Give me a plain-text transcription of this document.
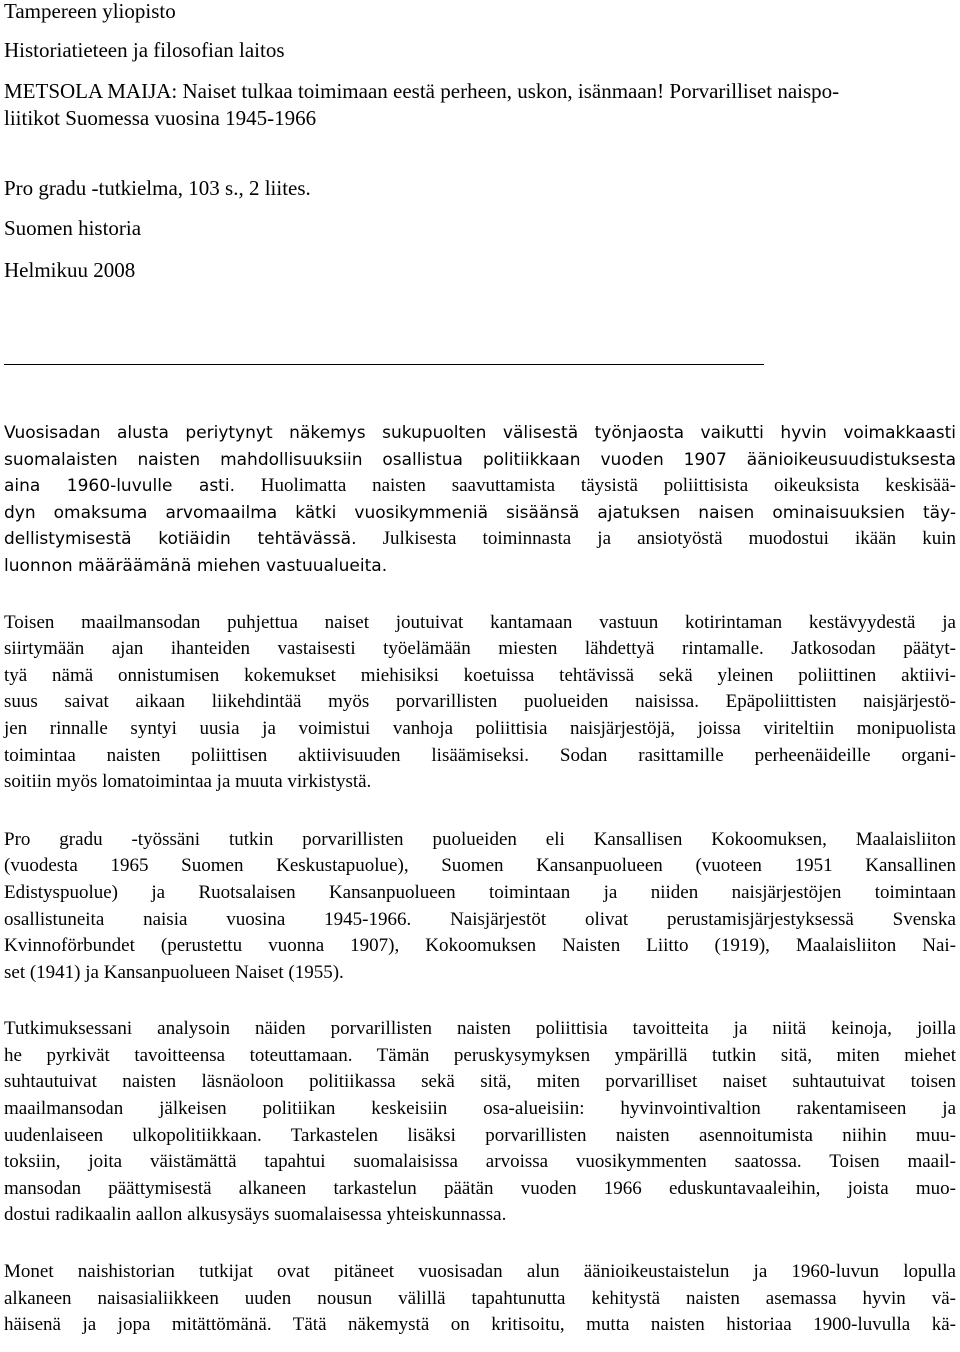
Tampereen yliopisto

Historiatieteen ja filosofian laitos

METSOLA MAIJA: Naiset tulkaa toimimaan eestä perheen, uskon, isänmaan! Porvarilliset naispo-
liitikot Suomessa vuosina 1945-1966

Pro gradu -tutkielma, 103 s., 2 liites.

Suomen historia

Helmikuu 2008

Vuosisadan alusta periytynyt näkemys sukupuolten välisestä työnjaosta vaikutti hyvin voimakkaasti
suomalaisten naisten mahdollisuuksiin osallistua politiikkaan vuoden 1907 äänioikeusuudistuksesta
aina 1960-luvulle asti. Huolimatta naisten saavuttamista täysistä poliittisista oikeuksista keskisää-
dyn omaksuma arvomaailma kätki vuosikymmeniä sisäänsä ajatuksen naisen ominaisuuksien täy-
dellistymisestä kotiäidin tehtävässä. Julkisesta toiminnasta ja ansiotyöstä muodostui ikään kuin
luonnon määräämänä miehen vastuualueita.

Toisen maailmansodan puhjettua naiset joutuivat kantamaan vastuun kotirintaman kestävyydestä ja
siirtymään ajan ihanteiden vastaisesti työelämään miesten lähdettyä rintamalle. Jatkosodan päätyt-
tyä nämä onnistumisen kokemukset miehisiksi koetuissa tehtävissä sekä yleinen poliittinen aktiivi-
suus saivat aikaan liikehdintää myös porvarillisten puolueiden naisissa. Epäpoliittisten naisjärjestö-
jen rinnalle syntyi uusia ja voimistui vanhoja poliittisia naisjärjestöjä, joissa viriteltiin monipuolista
toimintaa naisten poliittisen aktiivisuuden lisäämiseksi. Sodan rasittamille perheenäideille organi-
soitiin myös lomatoimintaa ja muuta virkistystä.

Pro gradu -työssäni tutkin porvarillisten puolueiden eli Kansallisen Kokoomuksen, Maalaisliiton
(vuodesta 1965 Suomen Keskustapuolue), Suomen Kansanpuolueen (vuoteen 1951 Kansallinen
Edistyspuolue) ja Ruotsalaisen Kansanpuolueen toimintaan ja niiden naisjärjestöjen toimintaan
osallistuneita naisia vuosina 1945-1966. Naisjärjestöt olivat perustamisjärjestyksessä Svenska
Kvinnoförbundet (perustettu vuonna 1907), Kokoomuksen Naisten Liitto (1919), Maalaisliiton Nai-
set (1941) ja Kansanpuolueen Naiset (1955).

Tutkimuksessani analysoin näiden porvarillisten naisten poliittisia tavoitteita ja niitä keinoja, joilla
he pyrkivät tavoitteensa toteuttamaan. Tämän peruskysymyksen ympärillä tutkin sitä, miten miehet
suhtautuivat naisten läsnäoloon politiikassa sekä sitä, miten porvarilliset naiset suhtautuivat toisen
maailmansodan jälkeisen politiikan keskeisiin osa-alueisiin: hyvinvointivaltion rakentamiseen ja
uudenlaiseen ulkopolitiikkaan. Tarkastelen lisäksi porvarillisten naisten asennoitumista niihin muu-
toksiin, joita väistämättä tapahtui suomalaisissa arvoissa vuosikymmenten saatossa. Toisen maail-
mansodan päättymisestä alkaneen tarkastelun päätän vuoden 1966 eduskuntavaaleihin, joista muo-
dostui radikaalin aallon alkusysäys suomalaisessa yhteiskunnassa.

Monet naishistorian tutkijat ovat pitäneet vuosisadan alun äänioikeustaistelun ja 1960-luvun lopulla
alkaneen naisasialiikkeen uuden nousun välillä tapahtunutta kehitystä naisten asemassa hyvin vä-
häisenä ja jopa mitättömänä. Tätä näkemystä on kritisoitu, mutta naisten historiaa 1900-luvulla kä-
